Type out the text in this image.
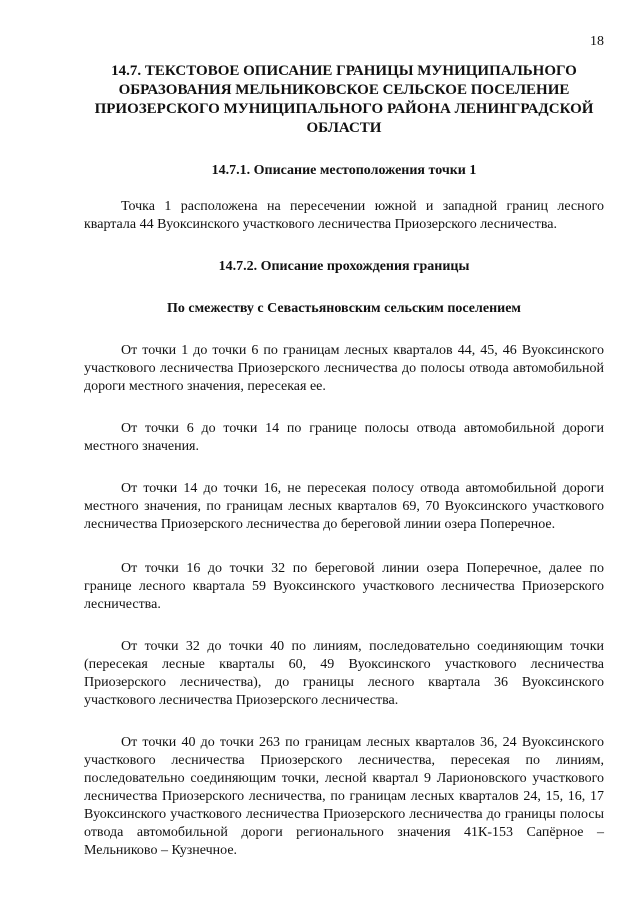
18
14.7. ТЕКСТОВОЕ ОПИСАНИЕ ГРАНИЦЫ МУНИЦИПАЛЬНОГО ОБРАЗОВАНИЯ МЕЛЬНИКОВСКОЕ СЕЛЬСКОЕ ПОСЕЛЕНИЕ ПРИОЗЕРСКОГО МУНИЦИПАЛЬНОГО РАЙОНА ЛЕНИНГРАДСКОЙ ОБЛАСТИ
14.7.1. Описание местоположения точки 1

Точка 1 расположена на пересечении южной и западной границ лесного квартала 44 Вуоксинского участкового лесничества Приозерского лесничества.

14.7.2. Описание прохождения границы
По смежеству с Севастьяновским сельским поселением

От точки 1 до точки 6 по границам лесных кварталов 44, 45, 46 Вуоксинского участкового лесничества Приозерского лесничества до полосы отвода автомобильной дороги местного значения, пересекая ее.

От точки 6 до точки 14 по границе полосы отвода автомобильной дороги местного значения.

От точки 14 до точки 16, не пересекая полосу отвода автомобильной дороги местного значения, по границам лесных кварталов 69, 70 Вуоксинского участкового лесничества Приозерского лесничества до береговой линии озера Поперечное.

От точки 16 до точки 32 по береговой линии озера Поперечное, далее по границе лесного квартала 59 Вуоксинского участкового лесничества Приозерского лесничества.

От точки 32 до точки 40 по линиям, последовательно соединяющим точки (пересекая лесные кварталы 60, 49 Вуоксинского участкового лесничества Приозерского лесничества), до границы лесного квартала 36 Вуоксинского участкового лесничества Приозерского лесничества.

От точки 40 до точки 263 по границам лесных кварталов 36, 24 Вуоксинского участкового лесничества Приозерского лесничества, пересекая по линиям, последовательно соединяющим точки, лесной квартал 9 Ларионовского участкового лесничества Приозерского лесничества, по границам лесных кварталов 24, 15, 16, 17 Вуоксинского участкового лесничества Приозерского лесничества до границы полосы отвода автомобильной дороги регионального значения 41К-153 Сапёрное – Мельниково – Кузнечное.
